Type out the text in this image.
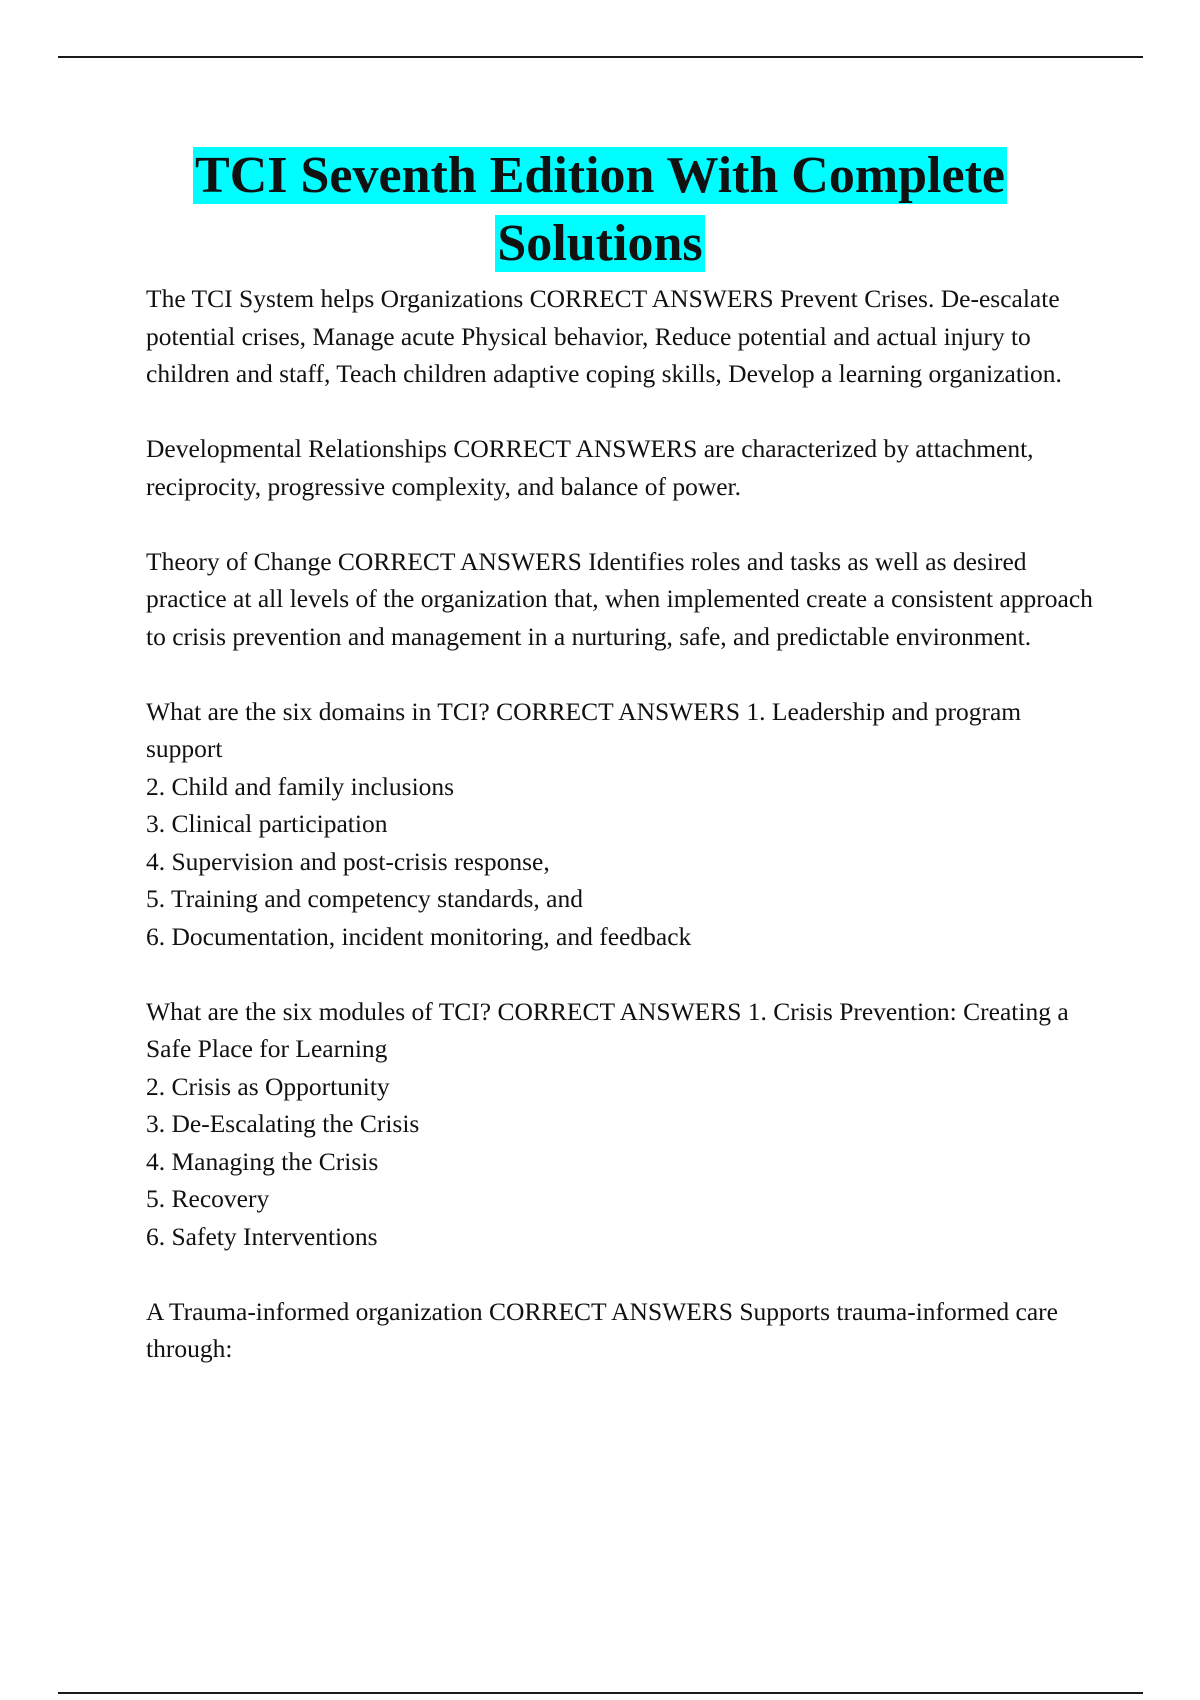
TCI Seventh Edition With Complete
Solutions

The TCI System helps Organizations CORRECT ANSWERS Prevent Crises. De-escalate potential crises, Manage acute Physical behavior, Reduce potential and actual injury to children and staff, Teach children adaptive coping skills, Develop a learning organization.

Developmental Relationships CORRECT ANSWERS are characterized by attachment, reciprocity, progressive complexity, and balance of power.

Theory of Change CORRECT ANSWERS Identifies roles and tasks as well as desired practice at all levels of the organization that, when implemented create a consistent approach to crisis prevention and management in a nurturing, safe, and predictable environment.

What are the six domains in TCI? CORRECT ANSWERS 1. Leadership and program support
2. Child and family inclusions
3. Clinical participation
4. Supervision and post-crisis response,
5. Training and competency standards, and
6. Documentation, incident monitoring, and feedback

What are the six modules of TCI? CORRECT ANSWERS 1. Crisis Prevention: Creating a Safe Place for Learning
2. Crisis as Opportunity
3. De-Escalating the Crisis
4. Managing the Crisis
5. Recovery
6. Safety Interventions

A Trauma-informed organization CORRECT ANSWERS Supports trauma-informed care through:
